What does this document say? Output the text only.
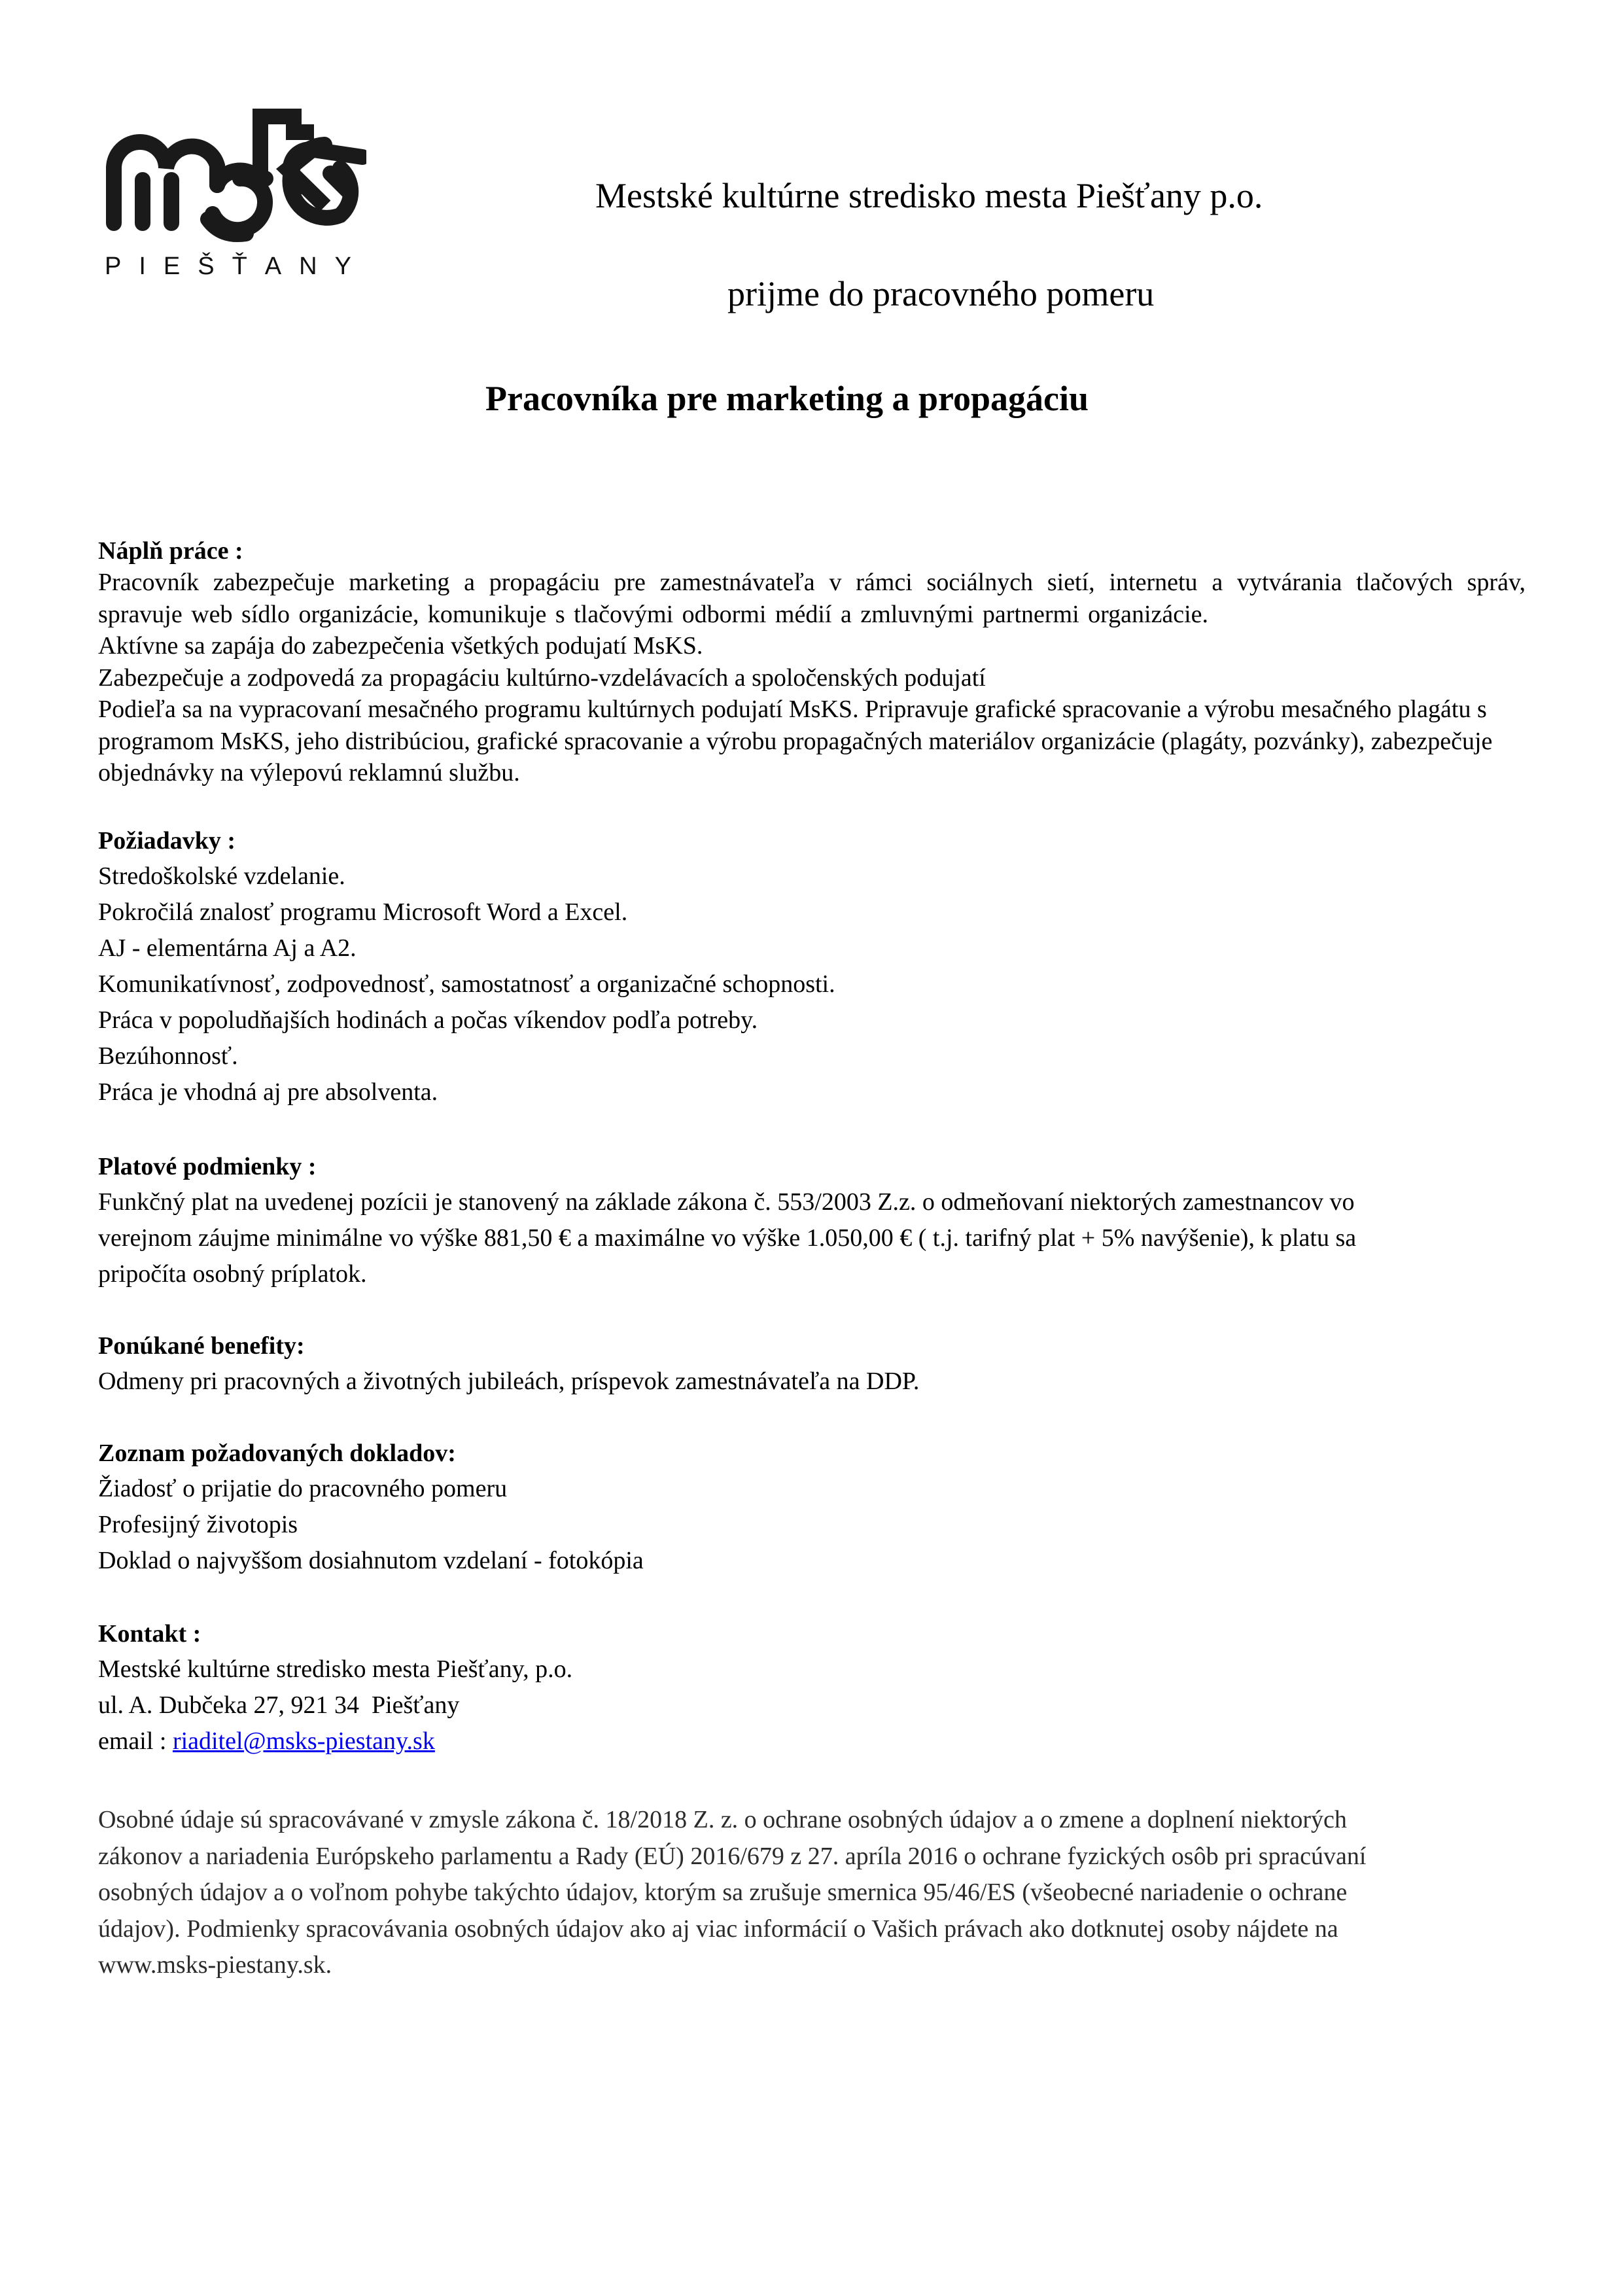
PIEŠŤANY
Mestské kultúrne stredisko mesta Piešťany p.o.
prijme do pracovného pomeru
Pracovníka pre marketing a propagáciu
Náplň práce :

Pracovník zabezpečuje marketing a propagáciu pre zamestnávateľa v rámci sociálnych sietí, internetu a vytvárania tlačových správ, spravuje web sídlo organizácie, komunikuje s tlačovými odbormi médií a zmluvnými partnermi organizácie.

Aktívne sa zapája do zabezpečenia všetkých podujatí MsKS.
Zabezpečuje a zodpovedá za propagáciu kultúrno-vzdelávacích a spoločenských podujatí

Podieľa sa na vypracovaní mesačného programu kultúrnych podujatí MsKS. Pripravuje grafické spracovanie a výrobu mesačného plagátu s programom MsKS, jeho distribúciou, grafické spracovanie a výrobu propagačných materiálov organizácie (plagáty, pozvánky), zabezpečuje objednávky na výlepovú reklamnú službu.

Požiadavky :
Stredoškolské vzdelanie.
Pokročilá znalosť programu Microsoft Word a Excel.
AJ - elementárna Aj a A2.
Komunikatívnosť, zodpovednosť, samostatnosť a organizačné schopnosti.
Práca v popoludňajších hodinách a počas víkendov podľa potreby.
Bezúhonnosť.
Práca je vhodná aj pre absolventa.
Platové podmienky :
Funkčný plat na uvedenej pozícii je stanovený na základe zákona č. 553/2003 Z.z. o odmeňovaní niektorých zamestnancov vo
verejnom záujme minimálne vo výške 881,50 € a maximálne vo výške 1.050,00 € ( t.j. tarifný plat + 5% navýšenie), k platu sa
pripočíta osobný príplatok.
Ponúkané benefity:
Odmeny pri pracovných a životných jubileách, príspevok zamestnávateľa na DDP.
Zoznam požadovaných dokladov:
Žiadosť o prijatie do pracovného pomeru
Profesijný životopis
Doklad o najvyššom dosiahnutom vzdelaní - fotokópia
Kontakt :
Mestské kultúrne stredisko mesta Piešťany, p.o.
ul. A. Dubčeka 27, 921 34  Piešťany
email : riaditel@msks-piestany.sk
Osobné údaje sú spracovávané v zmysle zákona č. 18/2018 Z. z. o ochrane osobných údajov a o zmene a doplnení niektorých
zákonov a nariadenia Európskeho parlamentu a Rady (EÚ) 2016/679 z 27. apríla 2016 o ochrane fyzických osôb pri spracúvaní
osobných údajov a o voľnom pohybe takýchto údajov, ktorým sa zrušuje smernica 95/46/ES (všeobecné nariadenie o ochrane
údajov). Podmienky spracovávania osobných údajov ako aj viac informácií o Vašich právach ako dotknutej osoby nájdete na
www.msks-piestany.sk.
